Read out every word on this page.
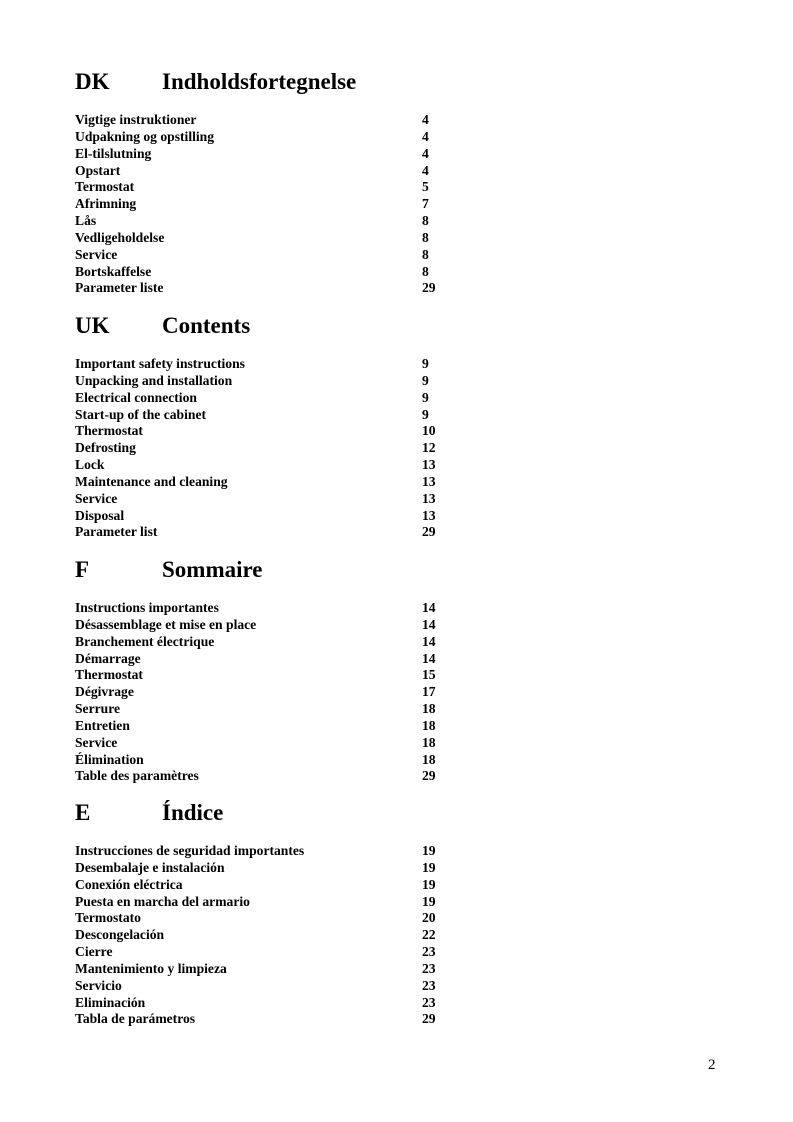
DK Indholdsfortegnelse
Vigtige instruktioner	4
Udpakning og opstilling	4
El-tilslutning	4
Opstart	4
Termostat	5
Afrimning	7
Lås	8
Vedligeholdelse	8
Service	8
Bortskaffelse	8
Parameter liste	29
UK Contents
Important safety instructions	9
Unpacking and installation	9
Electrical connection	9
Start-up of the cabinet	9
Thermostat	10
Defrosting	12
Lock	13
Maintenance and cleaning	13
Service	13
Disposal	13
Parameter list	29
F	Sommaire
Instructions importantes	14
Désassemblage et mise en place	14
Branchement électrique	14
Démarrage	14
Thermostat	15
Dégivrage	17
Serrure	18
Entretien	18
Service	18
Élimination	18
Table des paramètres	29
E	Índice
Instrucciones de seguridad importantes	19
Desembalaje e instalación	19
Conexión eléctrica	19
Puesta en marcha del armario	19
Termostato	20
Descongelación	22
Cierre	23
Mantenimiento y limpieza	23
Servicio	23
Eliminación	23
Tabla de parámetros	29
2
